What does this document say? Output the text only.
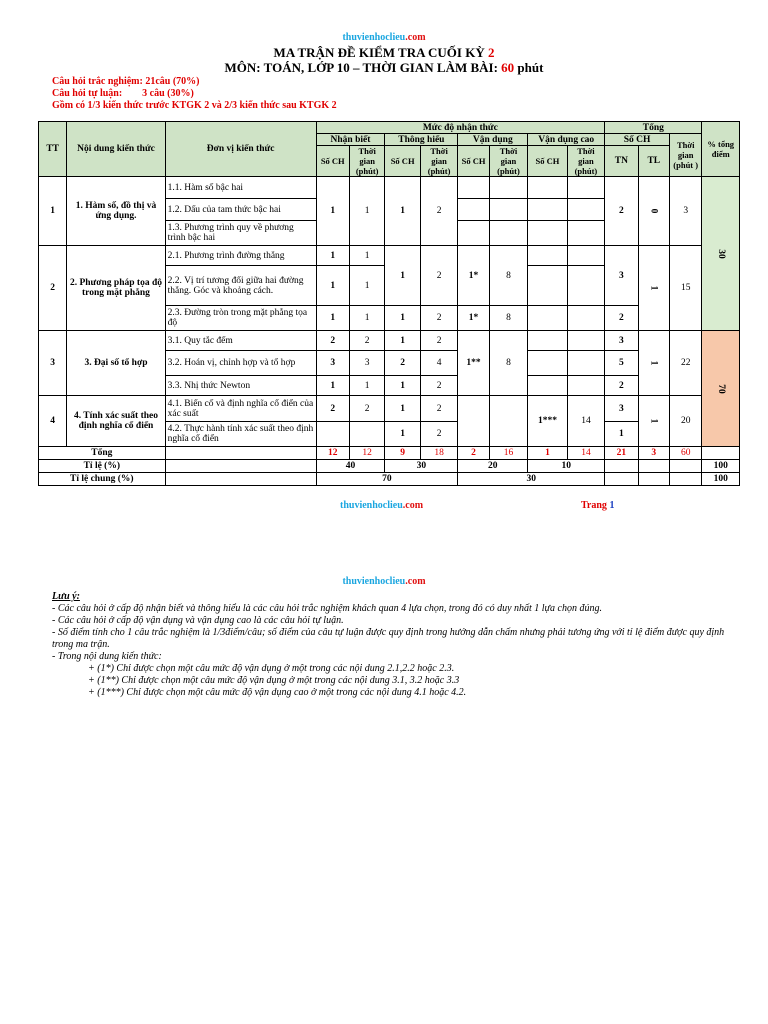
thuvienhoclieu.com
MA TRẬN ĐỀ KIỂM TRA CUỐI KỲ 2
MÔN: TOÁN, LỚP 10 – THỜI GIAN LÀM BÀI: 60 phút
Câu hỏi trắc nghiệm: 21câu (70%)
Câu hỏi tự luận:        3 câu (30%)
Gồm có 1/3 kiến thức trước KTGK 2 và 2/3 kiến thức sau KTGK 2
TT	Nội dung kiến thức	Đơn vị kiến thức	Mức độ nhận thức								Tổng			% tổng điểm
			Nhận biết		Thông hiểu		Vận dụng		Vận dụng cao		Số CH		Thời gian (phút )	
			Số CH	Thời gian (phút)	Số CH	Thời gian (phút)	Số CH	Thời gian (phút)	Số CH	Thời gian (phút)	TN	TL		
1	1. Hàm số, đồ thị và ứng dụng.	1.1. Hàm số bậc hai	1	1	1	2					2	0	3	30
		1.2. Dấu của tam thức bậc hai												
		1.3. Phương trình quy về phương trình bậc hai												
2	2. Phương pháp tọa độ trong mặt phẳng	2.1. Phương trình đường thẳng	1	1	1	2	1*	8			3	1	15	
		2.2. Vị trí tương đối giữa hai đường thẳng. Góc và khoảng cách.	1	1										
		2.3. Đường tròn trong mặt phẳng tọa độ	1	1	1	2	1*	8			2			
3	3. Đại số tổ hợp	3.1. Quy tắc đếm	2	2	1	2	1**	8			3	1	22	70
		3.2. Hoán vị, chỉnh hợp và tổ hợp	3	3	2	4					5			
		3.3. Nhị thức Newton	1	1	1	2					2			
4	4. Tính xác suất theo định nghĩa cổ điển	4.1. Biến cố và định nghĩa cổ điển của xác suất	2	2	1	2			1***	14	3	1	20	
		4.2. Thực hành tính xác suất theo định nghĩa cổ điển			1	2					1			
Tổng			12	12	9	18	2	16	1	14	21	3	60	
Tỉ lệ (%)			40		30		20		10					100
Tỉ lệ chung (%)			70				30							100
thuvienhoclieu.com	Trang 1
thuvienhoclieu.com
Lưu ý:
- Các câu hỏi ở cấp độ nhận biết và thông hiểu là các câu hỏi trắc nghiệm khách quan 4 lựa chọn, trong đó có duy nhất 1 lựa chọn đúng.
- Các câu hỏi ở cấp độ vận dụng và vận dụng cao là các câu hỏi tự luận.
- Số điểm tính cho 1 câu trắc nghiệm là 1/3điểm/câu; số điểm của câu tự luận được quy định trong hướng dẫn chấm nhưng phải tương ứng với tỉ lệ điểm được quy định trong ma trận.
- Trong nội dung kiến thức:
+ (1*) Chỉ được chọn một câu mức độ vận dụng ở một trong các nội dung 2.1,2.2 hoặc 2.3.
+ (1**) Chỉ được chọn một câu mức độ vận dụng ở một trong các nội dung 3.1, 3.2 hoặc 3.3
+ (1***) Chỉ được chọn một câu mức độ vận dụng cao ở một trong các nội dung 4.1 hoặc 4.2.
